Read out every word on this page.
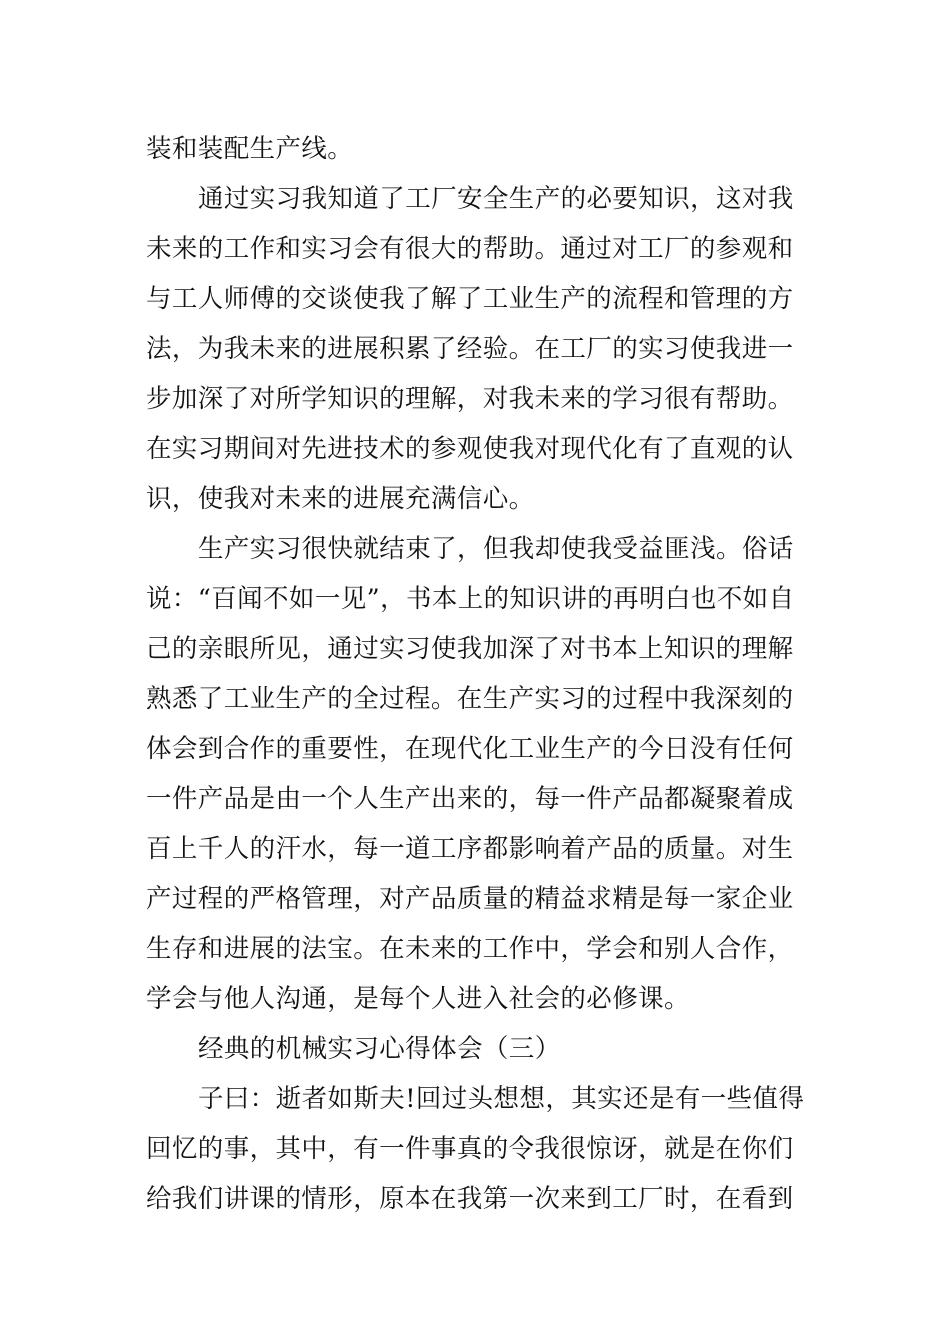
装和装配生产线。
通过实习我知道了工厂安全生产的必要知识，这对我
未来的工作和实习会有很大的帮助。通过对工厂的参观和
与工人师傅的交谈使我了解了工业生产的流程和管理的方
法，为我未来的进展积累了经验。在工厂的实习使我进一
步加深了对所学知识的理解，对我未来的学习很有帮助。
在实习期间对先进技术的参观使我对现代化有了直观的认
识，使我对未来的进展充满信心。
生产实习很快就结束了，但我却使我受益匪浅。俗话
说：“百闻不如一见”，书本上的知识讲的再明白也不如自
己的亲眼所见，通过实习使我加深了对书本上知识的理解
熟悉了工业生产的全过程。在生产实习的过程中我深刻的
体会到合作的重要性，在现代化工业生产的今日没有任何
一件产品是由一个人生产出来的，每一件产品都凝聚着成
百上千人的汗水，每一道工序都影响着产品的质量。对生
产过程的严格管理，对产品质量的精益求精是每一家企业
生存和进展的法宝。在未来的工作中，学会和别人合作，
学会与他人沟通，是每个人进入社会的必修课。
经典的机械实习心得体会（三）
子曰：逝者如斯夫!回过头想想，其实还是有一些值得
回忆的事，其中，有一件事真的令我很惊讶，就是在你们
给我们讲课的情形，原本在我第一次来到工厂时，在看到
